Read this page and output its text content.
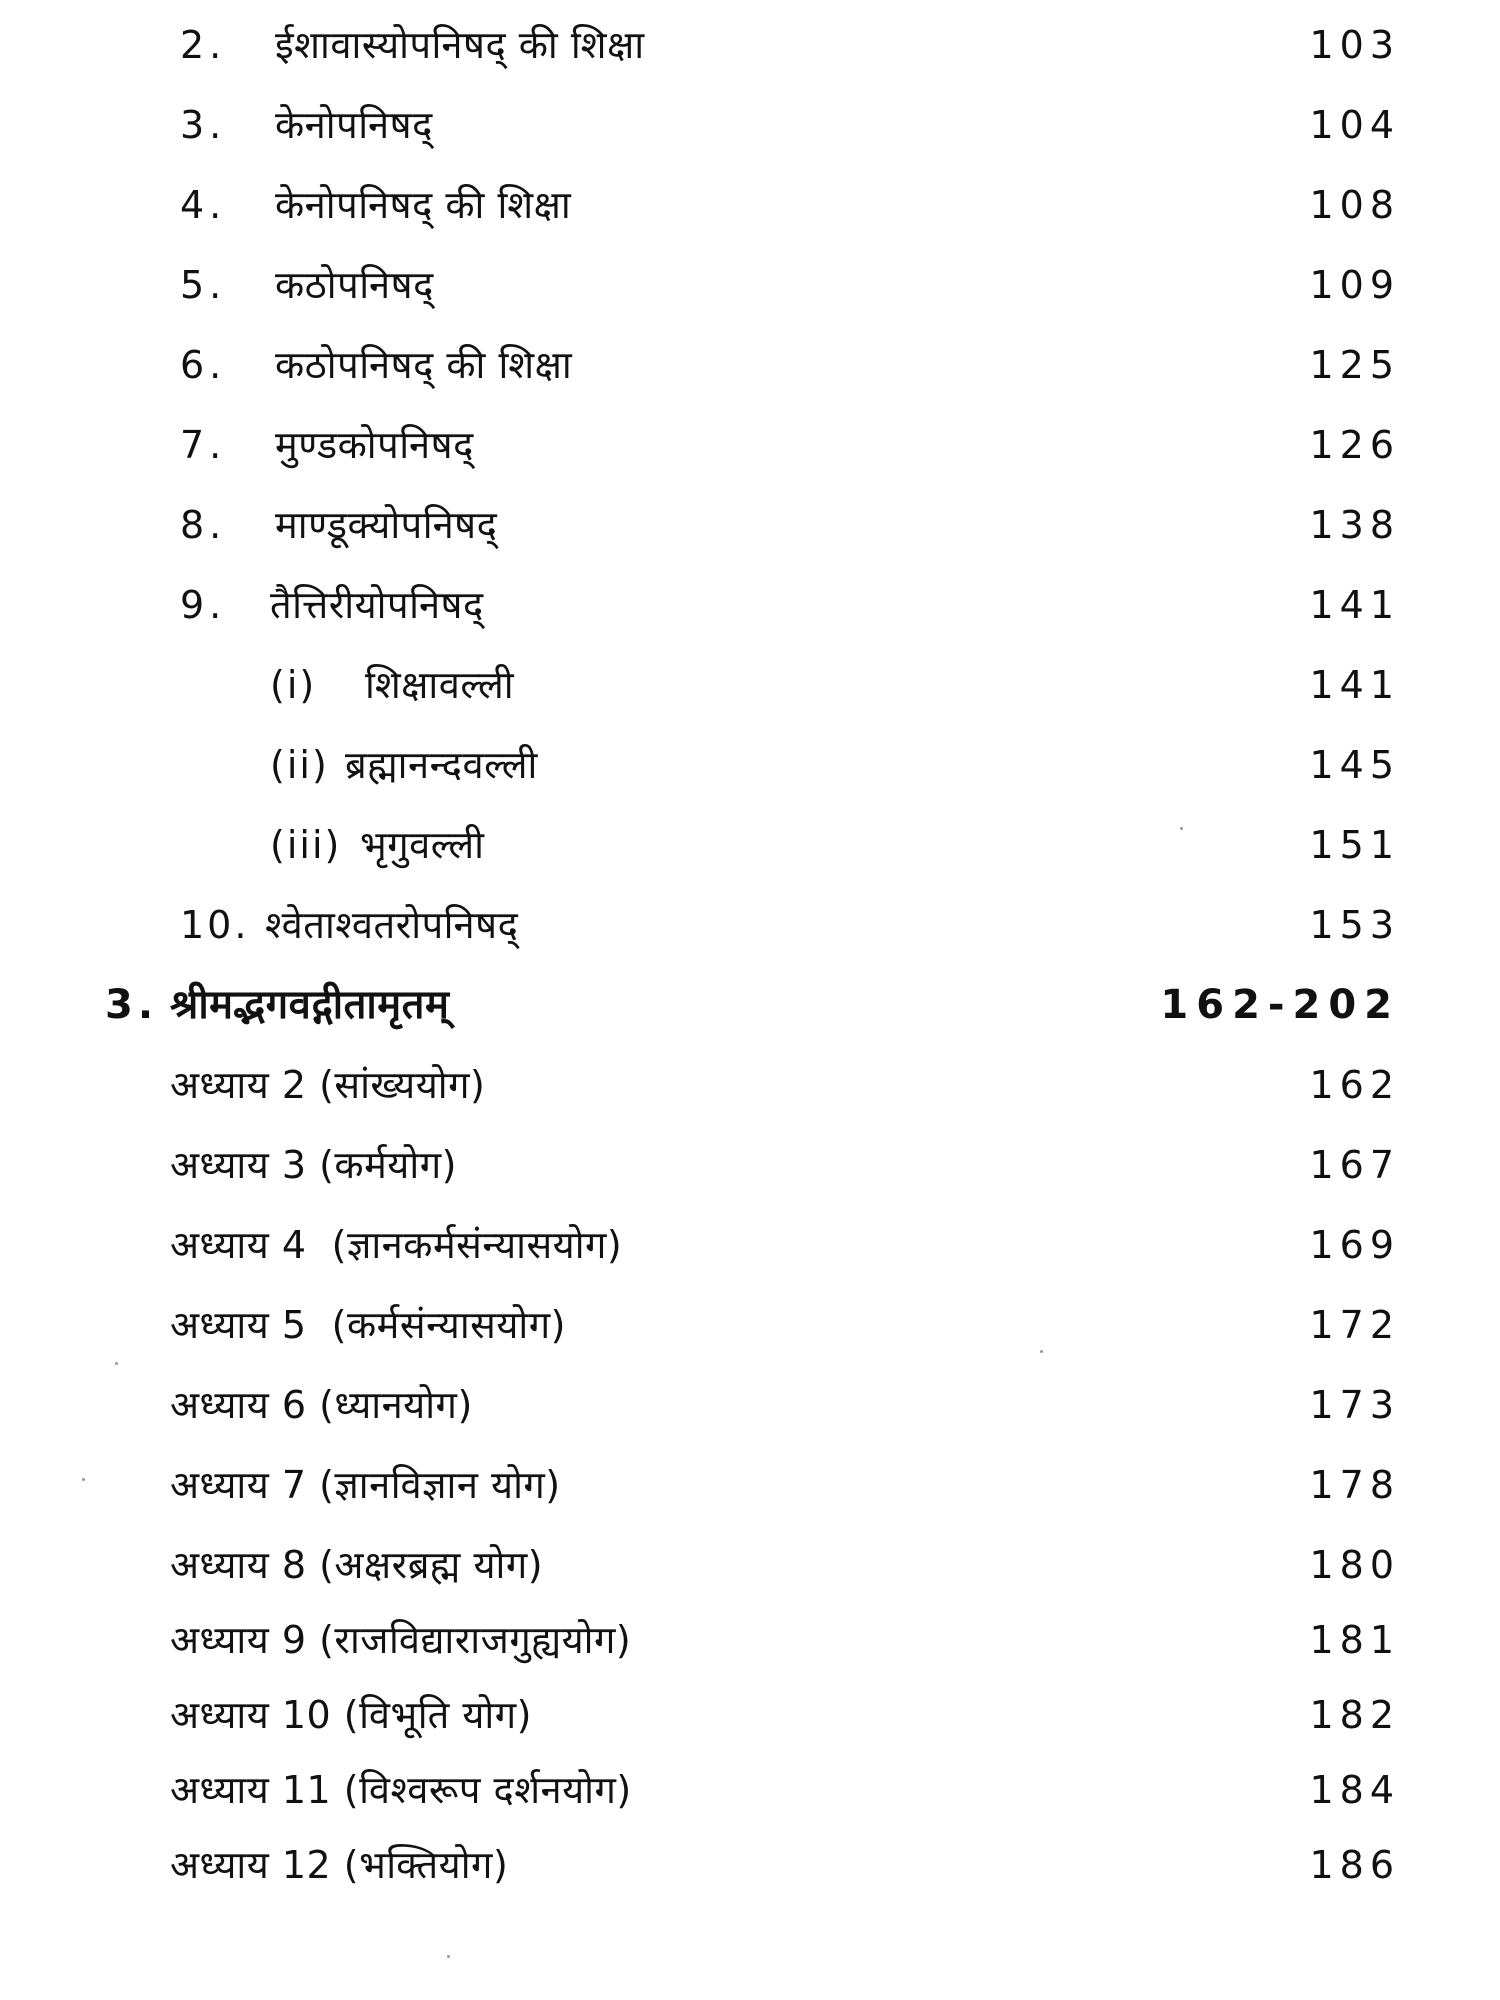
2. ईशावास्योपनिषद् की शिक्षा	103
3. केनोपनिषद्	104
4. केनोपनिषद् की शिक्षा	108
5. कठोपनिषद्	109
6. कठोपनिषद् की शिक्षा	125
7. मुण्डकोपनिषद्	126
8. माण्डूक्योपनिषद्	138
9. तैत्तिरीयोपनिषद्	141
(i) शिक्षावल्ली	141
(ii) ब्रह्मानन्दवल्ली	145
(iii) भृगुवल्ली	151
10. श्वेताश्वतरोपनिषद्	153
3. श्रीमद्भगवद्गीतामृतम्	162-202
अध्याय 2 (सांख्ययोग)	162
अध्याय 3 (कर्मयोग)	167
अध्याय 4  (ज्ञानकर्मसंन्यासयोग)	169
अध्याय 5  (कर्मसंन्यासयोग)	172
अध्याय 6 (ध्यानयोग)	173
अध्याय 7 (ज्ञानविज्ञान योग)	178
अध्याय 8 (अक्षरब्रह्म योग)	180
अध्याय 9 (राजविद्याराजगुह्ययोग)	181
अध्याय 10 (विभूति योग)	182
अध्याय 11 (विश्वरूप दर्शनयोग)	184
अध्याय 12 (भक्तियोग)	186
